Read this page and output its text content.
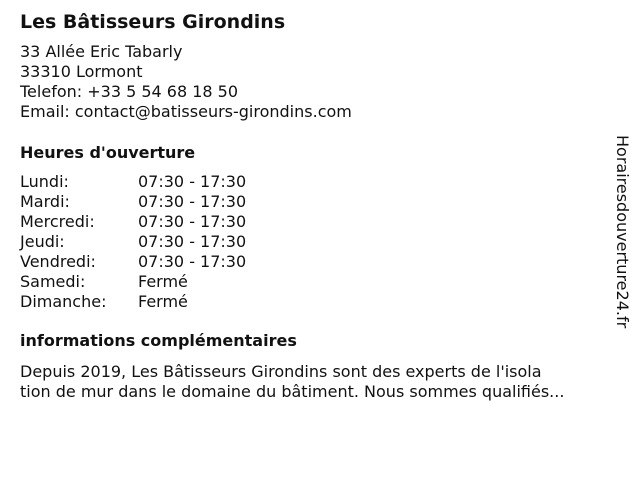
Les Bâtisseurs Girondins
33 Allée Eric Tabarly
33310 Lormont
Telefon: +33 5 54 68 18 50
Email: contact@batisseurs-girondins.com
Heures d'ouverture
Lundi:	07:30 - 17:30
Mardi:	07:30 - 17:30
Mercredi:	07:30 - 17:30
Jeudi:	07:30 - 17:30
Vendredi:	07:30 - 17:30
Samedi:	Fermé
Dimanche:	Fermé
informations complémentaires
Depuis 2019, Les Bâtisseurs Girondins sont des experts de l'isola
tion de mur dans le domaine du bâtiment. Nous sommes qualifiés...
Horairesdouverture24.fr
